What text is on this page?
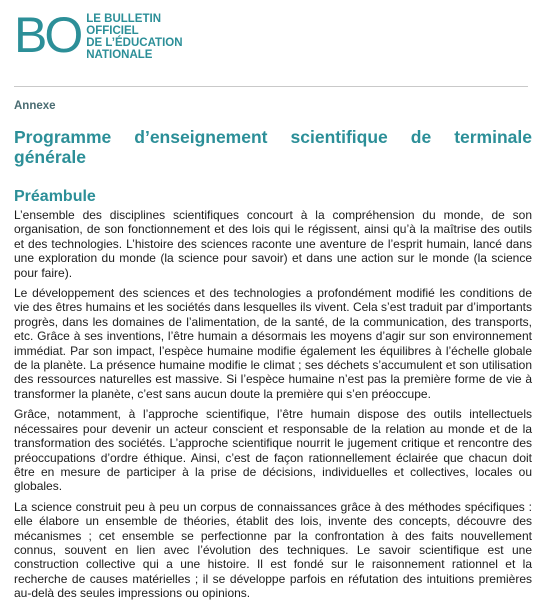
BO LE BULLETIN
OFFICIEL
DE L’ÉDUCATION
NATIONALE
Annexe
Programme d’enseignement scientifique de terminale générale
Préambule

L’ensemble des disciplines scientifiques concourt à la compréhension du monde, de son organisation, de son fonctionnement et des lois qui le régissent, ainsi qu’à la maîtrise des outils et des technologies. L’histoire des sciences raconte une aventure de l’esprit humain, lancé dans une exploration du monde (la science pour savoir) et dans une action sur le monde (la science pour faire).

Le développement des sciences et des technologies a profondément modifié les conditions de vie des êtres humains et les sociétés dans lesquelles ils vivent. Cela s’est traduit par d’importants progrès, dans les domaines de l’alimentation, de la santé, de la communication, des transports, etc. Grâce à ses inventions, l’être humain a désormais les moyens d’agir sur son environnement immédiat. Par son impact, l’espèce humaine modifie également les équilibres à l’échelle globale de la planète. La présence humaine modifie le climat ; ses déchets s’accumulent et son utilisation des ressources naturelles est massive. Si l’espèce humaine n’est pas la première forme de vie à transformer la planète, c’est sans aucun doute la première qui s’en préoccupe.

Grâce, notamment, à l’approche scientifique, l’être humain dispose des outils intellectuels nécessaires pour devenir un acteur conscient et responsable de la relation au monde et de la transformation des sociétés. L’approche scientifique nourrit le jugement critique et rencontre des préoccupations d’ordre éthique. Ainsi, c’est de façon rationnellement éclairée que chacun doit être en mesure de participer à la prise de décisions, individuelles et collectives, locales ou globales.

La science construit peu à peu un corpus de connaissances grâce à des méthodes spécifiques : elle élabore un ensemble de théories, établit des lois, invente des concepts, découvre des mécanismes ; cet ensemble se perfectionne par la confrontation à des faits nouvellement connus, souvent en lien avec l’évolution des techniques. Le savoir scientifique est une construction collective qui a une histoire. Il est fondé sur le raisonnement rationnel et la recherche de causes matérielles ; il se développe parfois en réfutation des intuitions premières au-delà des seules impressions ou opinions.
